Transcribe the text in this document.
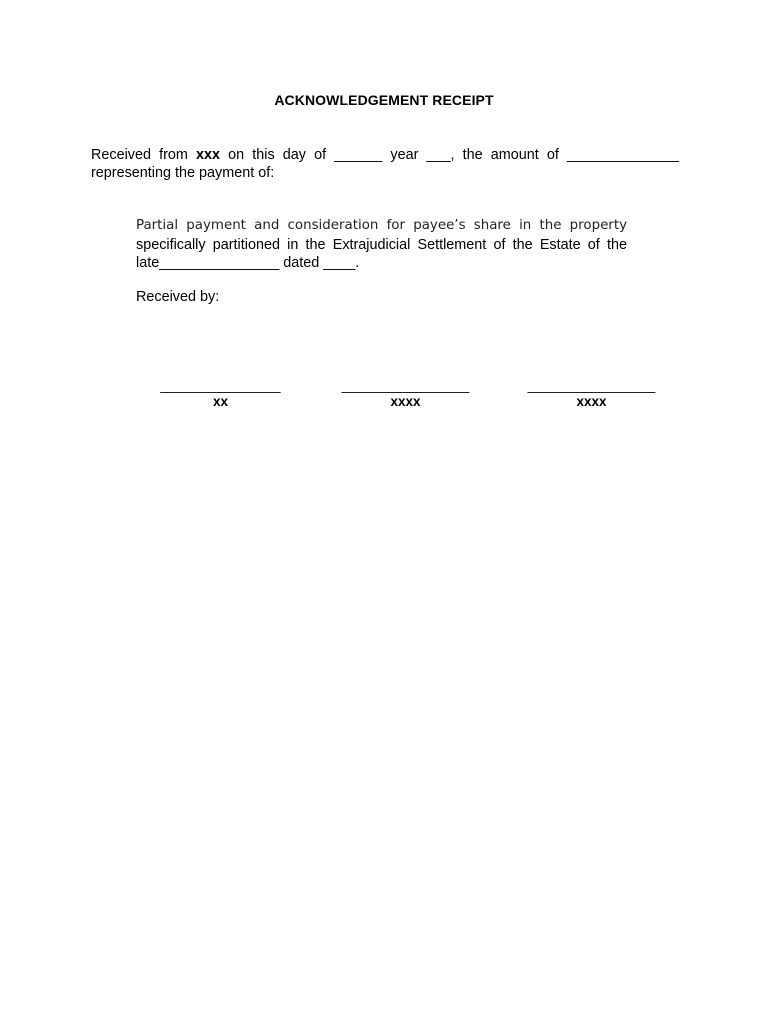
ACKNOWLEDGEMENT RECEIPT
Received from xxx on this day of ______ year ___, the amount of ______________
representing the payment of:
Partial payment and consideration for payee’s share in the property
specifically partitioned in the Extrajudicial Settlement of the Estate of the
late_______________ dated ____.
Received by:
________________
xx
_________________
xxxx
_________________
xxxx
